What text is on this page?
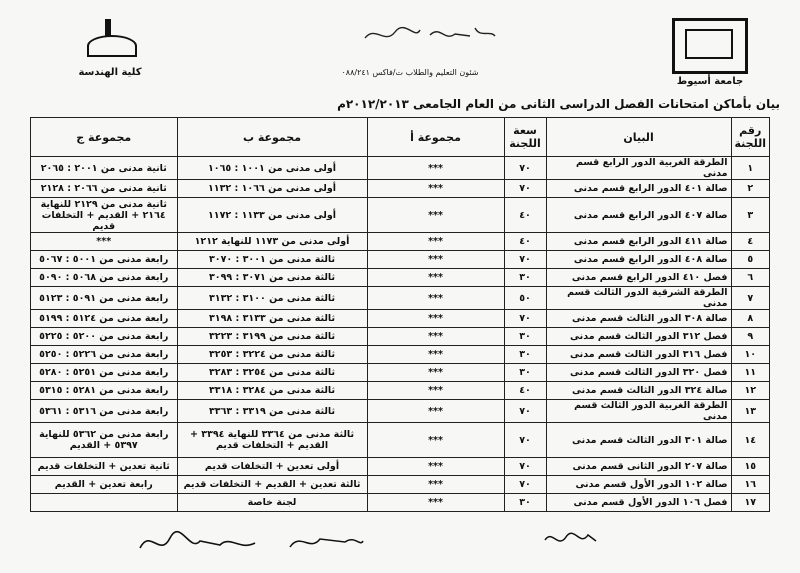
جامعة أسيوط
كلية الهندسة	شئون التعليم والطلاب ت/فاكس ٠٨٨/٢٤١
بيان بأماكن امتحانات الفصل الدراسى الثانى من العام الجامعى ٢٠١٢/٢٠١٣م
رقم اللجنة	البيان	سعة اللجنة	مجموعة أ	مجموعة ب	مجموعة ج
١	الطرقة الغربية الدور الرابع قسم مدنى	٧٠	***	أولى مدنى من ١٠٠١ : ١٠٦٥	ثانية مدنى من ٢٠٠١ : ٢٠٦٥
٢	صالة ٤٠١ الدور الرابع قسم مدنى	٧٠	***	أولى مدنى من ١٠٦٦ : ١١٣٢	ثانية مدنى من ٢٠٦٦ : ٢١٢٨
٣	صالة ٤٠٧ الدور الرابع قسم مدنى	٤٠	***	أولى مدنى من ١١٣٣ : ١١٧٢	ثانية مدنى من ٢١٢٩ للنهاية ٢١٦٤ + القديم + التخلفات قديم
٤	صالة ٤١١ الدور الرابع قسم مدنى	٤٠	***	أولى مدنى من ١١٧٣ للنهاية ١٢١٢	***
٥	صالة ٤٠٨ الدور الرابع قسم مدنى	٧٠	***	ثالثة مدنى من ٣٠٠١ : ٣٠٧٠	رابعة مدنى من ٥٠٠١ : ٥٠٦٧
٦	فصل ٤١٠ الدور الرابع قسم مدنى	٣٠	***	ثالثة مدنى من ٣٠٧١ : ٣٠٩٩	رابعة مدنى من ٥٠٦٨ : ٥٠٩٠
٧	الطرقة الشرقية الدور الثالث قسم مدنى	٥٠	***	ثالثة مدنى من ٣١٠٠ : ٣١٣٢	رابعة مدنى من ٥٠٩١ : ٥١٢٣
٨	صالة ٣٠٨ الدور الثالث قسم مدنى	٧٠	***	ثالثة مدنى من ٣١٣٣ : ٣١٩٨	رابعة مدنى من ٥١٢٤ : ٥١٩٩
٩	فصل ٣١٢ الدور الثالث قسم مدنى	٣٠	***	ثالثة مدنى من ٣١٩٩ : ٣٢٢٣	رابعة مدنى من ٥٢٠٠ : ٥٢٢٥
١٠	فصل ٣١٦ الدور الثالث قسم مدنى	٣٠	***	ثالثة مدنى من ٣٢٢٤ : ٣٢٥٣	رابعة مدنى من ٥٢٢٦ : ٥٢٥٠
١١	فصل ٣٢٠ الدور الثالث قسم مدنى	٣٠	***	ثالثة مدنى من ٣٢٥٤ : ٣٢٨٣	رابعة مدنى من ٥٢٥١ : ٥٢٨٠
١٢	صالة ٣٢٤ الدور الثالث قسم مدنى	٤٠	***	ثالثة مدنى من ٣٢٨٤ : ٣٣١٨	رابعة مدنى من ٥٢٨١ : ٥٣١٥
١٣	الطرقة الغربية الدور الثالث قسم مدنى	٧٠	***	ثالثة مدنى من ٣٣١٩ : ٣٣٦٣	رابعة مدنى من ٥٣١٦ : ٥٣٦١
١٤	صالة ٣٠١ الدور الثالث قسم مدنى	٧٠	***	ثالثة مدنى من ٣٣٦٤ للنهاية ٣٣٩٤ + القديم + التخلفات قديم	رابعة مدنى من ٥٣٦٢ للنهاية ٥٣٩٧ + القديم
١٥	صالة ٢٠٧ الدور الثانى قسم مدنى	٧٠	***	أولى تعدين + التخلفات قديم	ثانية تعدين + التخلفات قديم
١٦	صالة ١٠٢ الدور الأول قسم مدنى	٧٠	***	ثالثة تعدين + القديم + التخلفات قديم	رابعة تعدين + القديم
١٧	فصل ١٠٦ الدور الأول قسم مدنى	٣٠	***	لجنة خاصة	
